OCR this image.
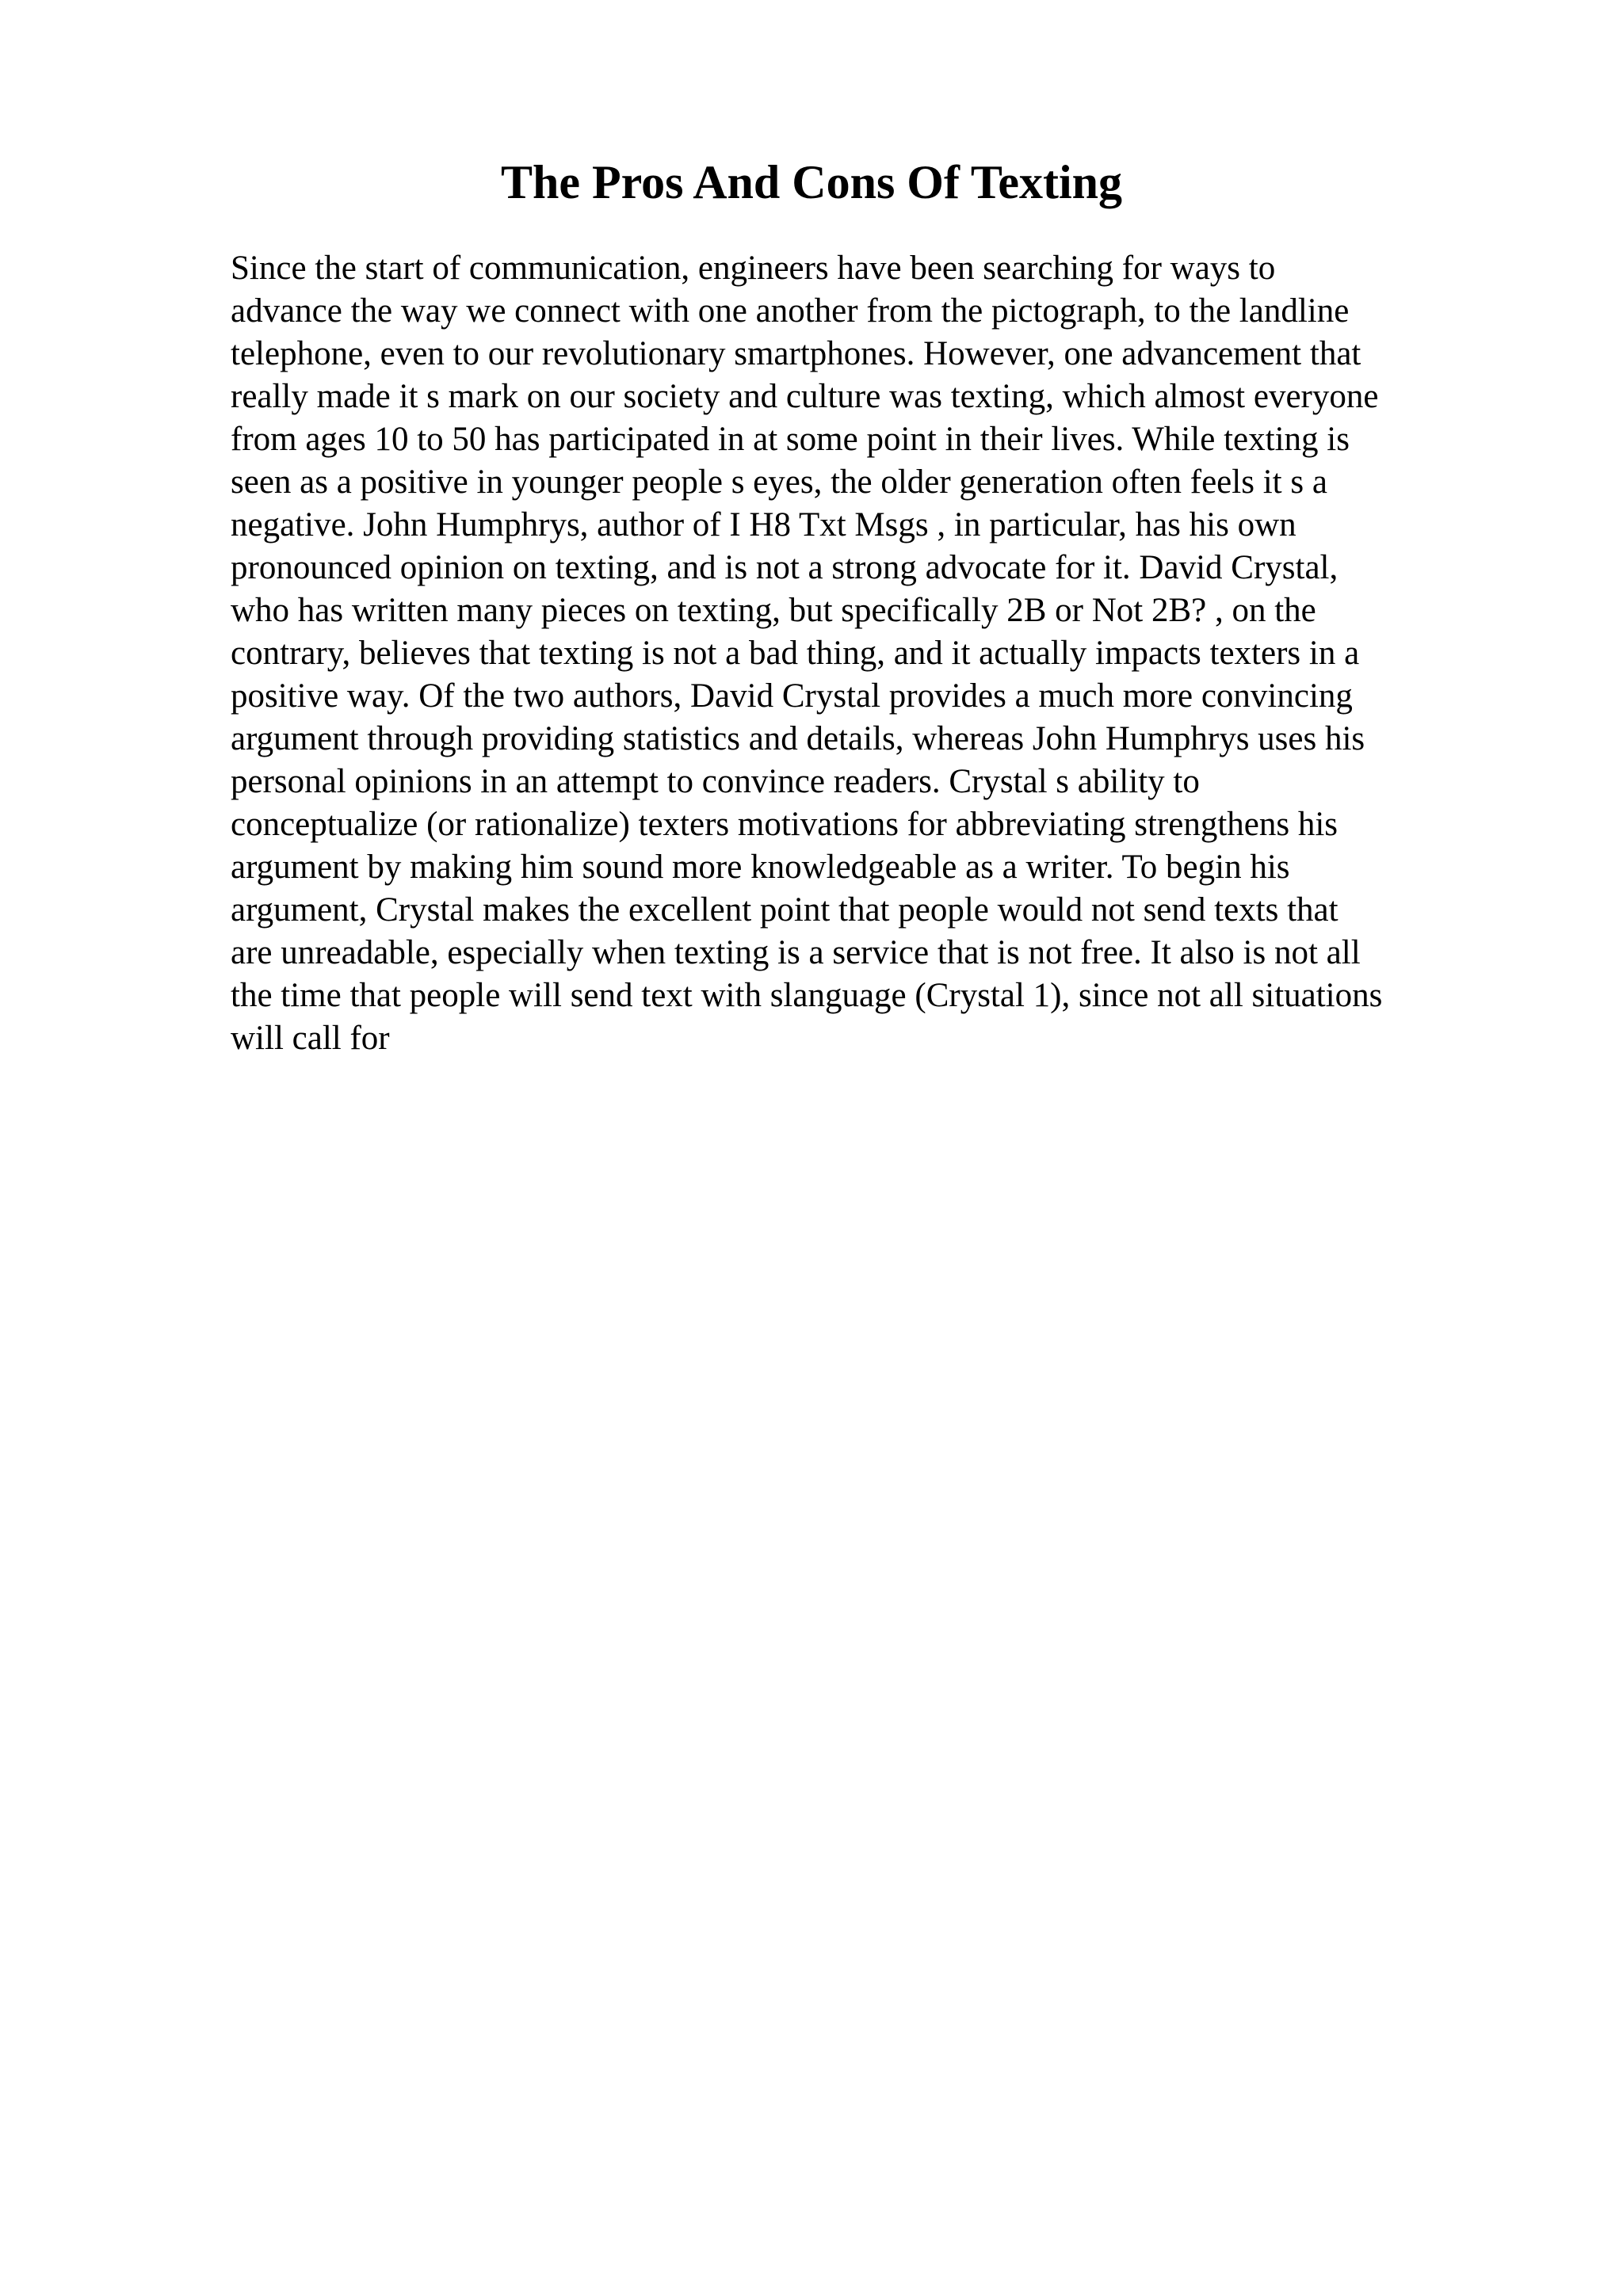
The Pros And Cons Of Texting
Since the start of communication, engineers have been searching for ways to
advance the way we connect with one another from the pictograph, to the landline
telephone, even to our revolutionary smartphones. However, one advancement that
really made it s mark on our society and culture was texting, which almost everyone
from ages 10 to 50 has participated in at some point in their lives. While texting is
seen as a positive in younger people s eyes, the older generation often feels it s a
negative. John Humphrys, author of I H8 Txt Msgs , in particular, has his own
pronounced opinion on texting, and is not a strong advocate for it. David Crystal,
who has written many pieces on texting, but specifically 2B or Not 2B? , on the
contrary, believes that texting is not a bad thing, and it actually impacts texters in a
positive way. Of the two authors, David Crystal provides a much more convincing
argument through providing statistics and details, whereas John Humphrys uses his
personal opinions in an attempt to convince readers. Crystal s ability to
conceptualize (or rationalize) texters motivations for abbreviating strengthens his
argument by making him sound more knowledgeable as a writer. To begin his
argument, Crystal makes the excellent point that people would not send texts that
are unreadable, especially when texting is a service that is not free. It also is not all
the time that people will send text with slanguage (Crystal 1), since not all situations
will call for
